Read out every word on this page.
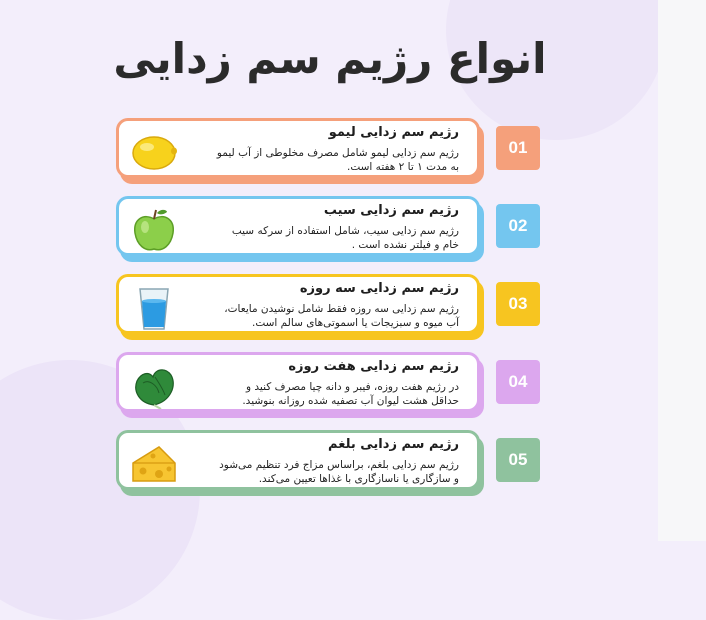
انواع رژیم سم زدایی
رژیم سم زدایی لیمو
رژیم سم زدایی لیمو شامل مصرف مخلوطی از آب لیمو
به مدت ۱ تا ۲ هفته است.
01
رژیم سم زدایی سیب
رژیم سم زدایی سیب، شامل استفاده از سرکه سیب
خام و فیلتر نشده است .
02
رژیم سم زدایی سه روزه
رژیم سم زدایی سه روزه فقط شامل نوشیدن مایعات،
آب میوه و سبزیجات یا اسموتی‌های سالم است.
03
رژیم سم زدایی هفت روزه
در رژیم هفت روزه، فیبر و دانه چیا مصرف کنید و
حداقل هشت لیوان آب تصفیه شده روزانه بنوشید.
04
رژیم سم زدایی بلغم
رژیم سم زدایی بلغم، براساس مزاج فرد تنظیم می‌شود
و سازگاری یا ناسازگاری با غذاها تعیین می‌کند.
05
